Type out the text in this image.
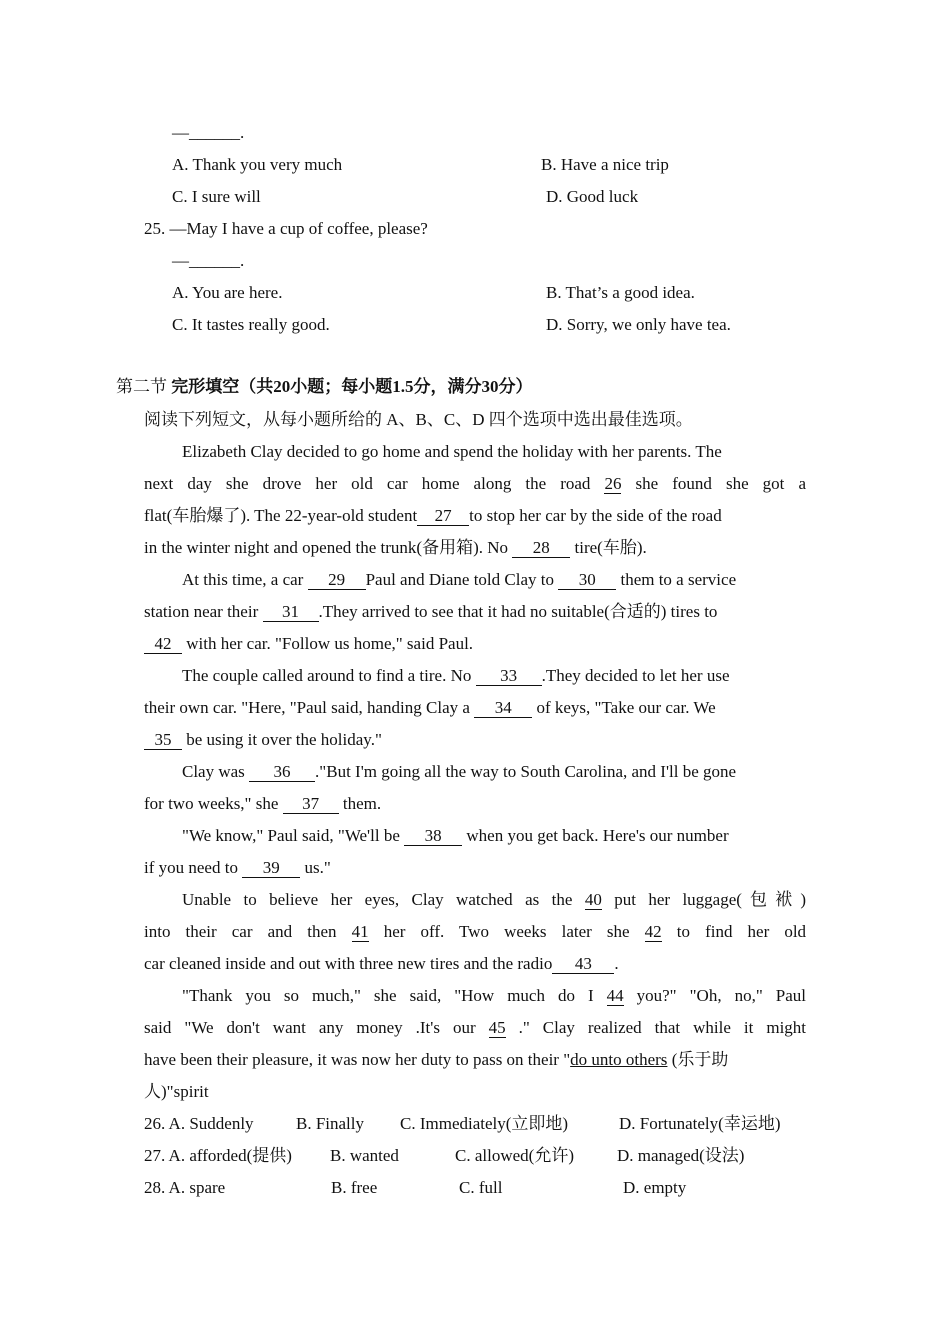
—______.
A. Thank you very much	B. Have a nice trip
C. I sure will	D. Good luck
25. —May I have a cup of coffee, please?
—______.
A. You are here.	B. That’s a good idea.
C. It tastes really good.	D. Sorry, we only have tea.
第二节 完形填空（共20小题；每小题1.5分，满分30分）
阅读下列短文，从每小题所给的 A、B、C、D 四个选项中选出最佳选项。
Elizabeth Clay decided to go home and spend the holiday with her parents. The
next day she drove her old car home along the road 26 she found she got a
flat(车胎爆了). The 22-year-old student 27 to stop her car by the side of the road
in the winter night and opened the trunk(备用箱). No 28 tire(车胎).
At this time, a car 29 Paul and Diane told Clay to 30 them to a service
station near their 31 .They arrived to see that it had no suitable(合适的) tires to
42 with her car. "Follow us home," said Paul.
The couple called around to find a tire. No 33 .They decided to let her use
their own car. "Here, "Paul said, handing Clay a 34 of keys, "Take our car. We
35 be using it over the holiday."
Clay was 36 ."But I'm going all the way to South Carolina, and I'll be gone
for two weeks," she 37 them.
"We know," Paul said, "We'll be 38 when you get back. Here's our number
if you need to 39 us."
Unable to believe her eyes, Clay watched as the 40 put her luggage(包袱)
into their car and then 41 her off. Two weeks later she 42 to find her old
car cleaned inside and out with three new tires and the radio 43 .
"Thank you so much," she said, "How much do I 44 you?" "Oh, no," Paul
said "We don't want any money .It's our 45 ." Clay realized that while it might
have been their pleasure, it was now her duty to pass on their "do unto others (乐于助
人)"spirit
26. A. Suddenly B. Finally C. Immediately(立即地)	D. Fortunately(幸运地)
27. A. afforded(提供) B. wanted	C. allowed(允许)	D. managed(设法)
28. A. spare	B. free	C. full	D. empty
